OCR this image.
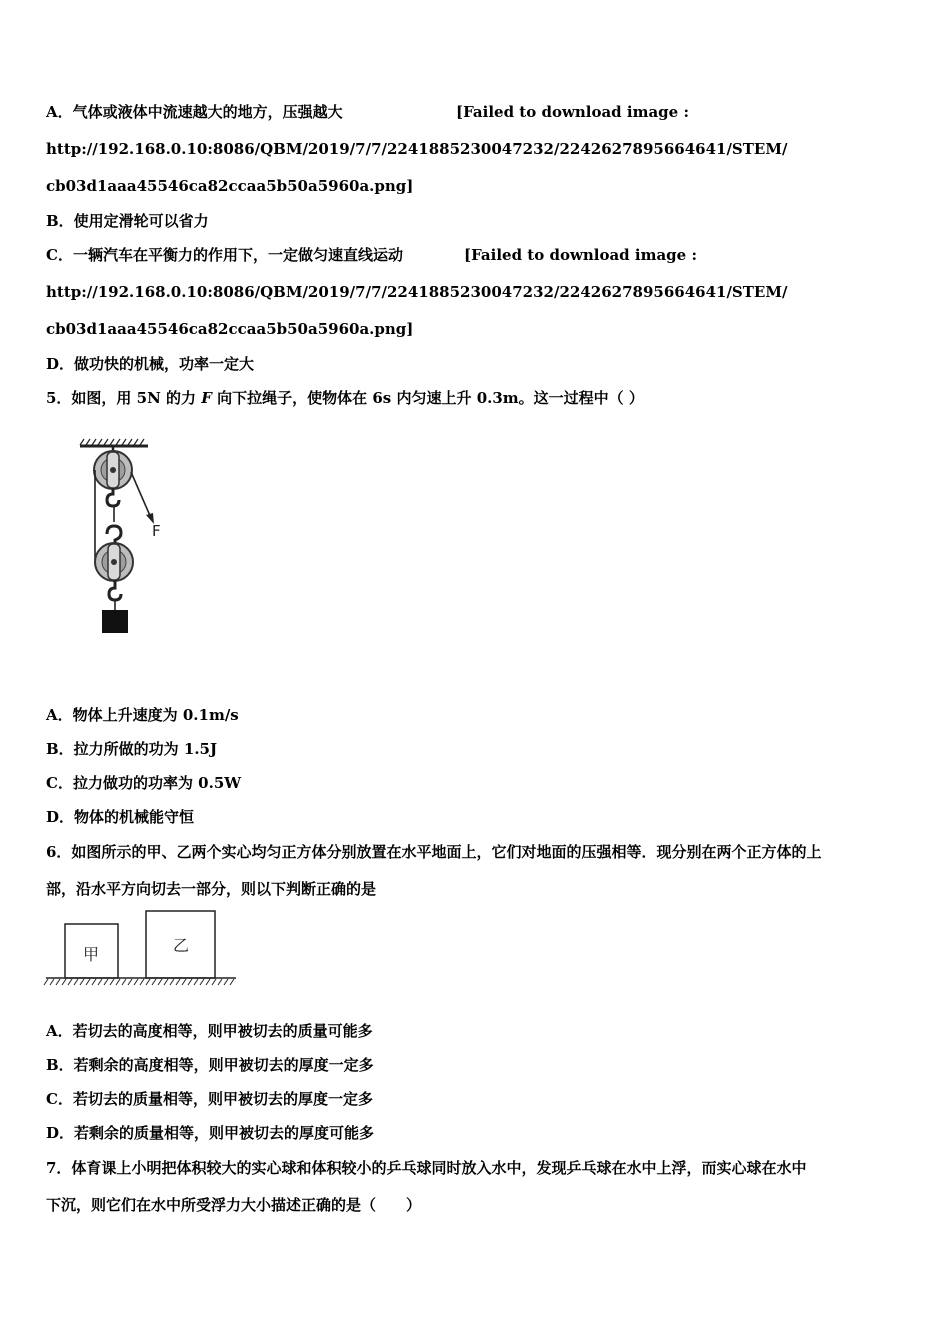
A．气体或液体中流速越大的地方，压强越大	[Failed to download image :
http://192.168.0.10:8086/QBM/2019/7/7/2241885230047232/2242627895664641/STEM/
cb03d1aaa45546ca82ccaa5b50a5960a.png]
B．使用定滑轮可以省力
C．一辆汽车在平衡力的作用下，一定做匀速直线运动	[Failed to download image :
http://192.168.0.10:8086/QBM/2019/7/7/2241885230047232/2242627895664641/STEM/
cb03d1aaa45546ca82ccaa5b50a5960a.png]
D．做功快的机械，功率一定大
5．如图，用 5N 的力 F 向下拉绳子，使物体在 6s 内匀速上升 0.3m。这一过程中（ ）
F
A．物体上升速度为 0.1m/s
B．拉力所做的功为 1.5J
C．拉力做功的功率为 0.5W
D．物体的机械能守恒
6．如图所示的甲、乙两个实心均匀正方体分别放置在水平地面上，它们对地面的压强相等．现分别在两个正方体的上
部，沿水平方向切去一部分，则以下判断正确的是
甲	乙
A．若切去的高度相等，则甲被切去的质量可能多
B．若剩余的高度相等，则甲被切去的厚度一定多
C．若切去的质量相等，则甲被切去的厚度一定多
D．若剩余的质量相等，则甲被切去的厚度可能多
7．体育课上小明把体积较大的实心球和体积较小的乒乓球同时放入水中，发现乒乓球在水中上浮，而实心球在水中
下沉，则它们在水中所受浮力大小描述正确的是（　　）
